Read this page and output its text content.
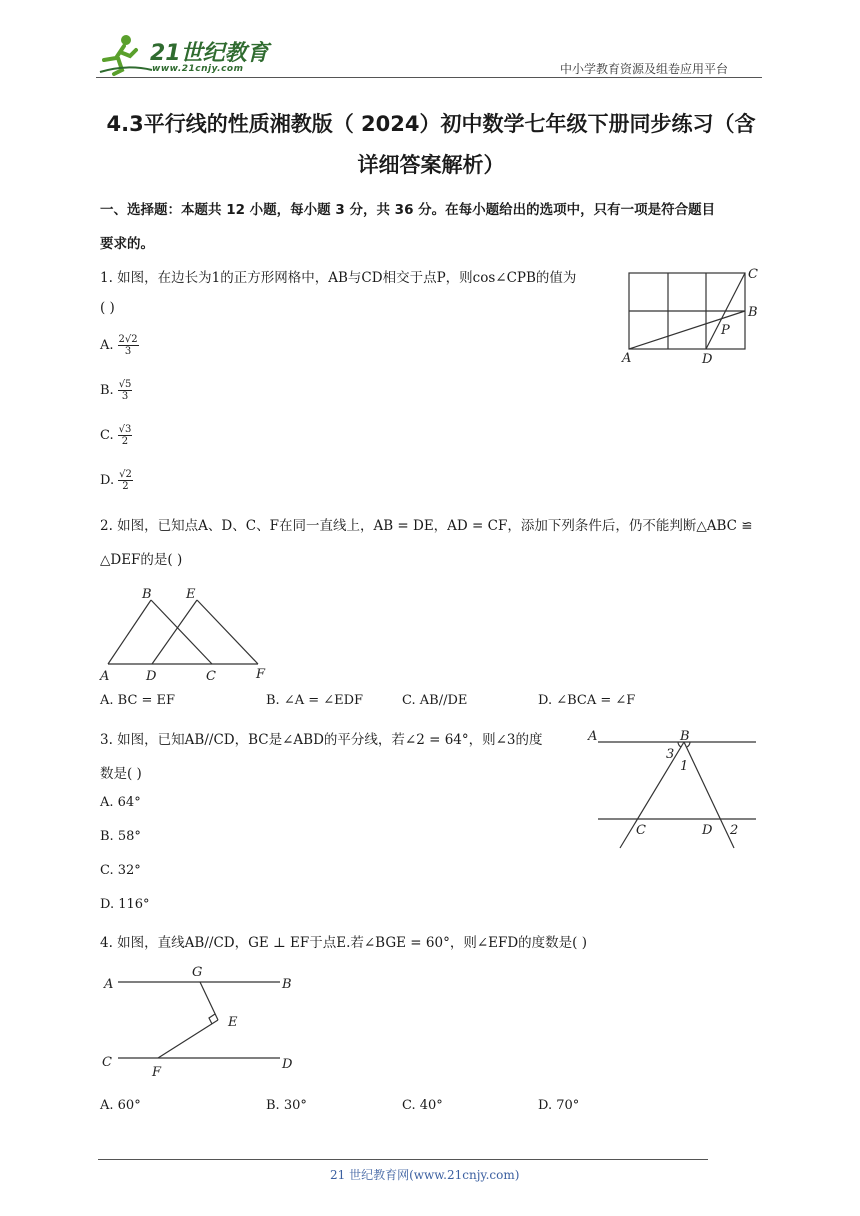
21世纪教育
www.21cnjy.com	中小学教育资源及组卷应用平台
4.3平行线的性质湘教版（ 2024）初中数学七年级下册同步练习（含
详细答案解析）
一、选择题：本题共 12 小题，每小题 3 分，共 36 分。在每小题给出的选项中，只有一项是符合题目
要求的。
1. 如图，在边长为1的正方形网格中，AB与CD相交于点P，则cos∠CPB的值为
( )
A. $\frac{2√2}{3}$
B. $\frac{√5}{3}$
C. $\frac{√3}{2}$
D. $\frac{√2}{2}$
A
B
C
D
P
2. 如图，已知点A、D、C、F在同一直线上，AB = DE，AD = CF，添加下列条件后，仍不能判断△ABC ≌
△DEF的是( )
A
B
C
D
E
F
A. BC = EF	B. ∠A = ∠EDF	C. AB//DE	D. ∠BCA = ∠F
3. 如图，已知AB//CD，BC是∠ABD的平分线，若∠2 = 64°，则∠3的度
数是( )
A. 64°
B. 58°
C. 32°
D. 116°
A	B
C	D
1
2
3
4. 如图，直线AB//CD，GE ⊥ EF于点E.若∠BGE = 60°，则∠EFD的度数是( )
A	B
C	D
E
F
G
A. 60°	B. 30°	C. 40°	D. 70°
21 世纪教育网(www.21cnjy.com)
